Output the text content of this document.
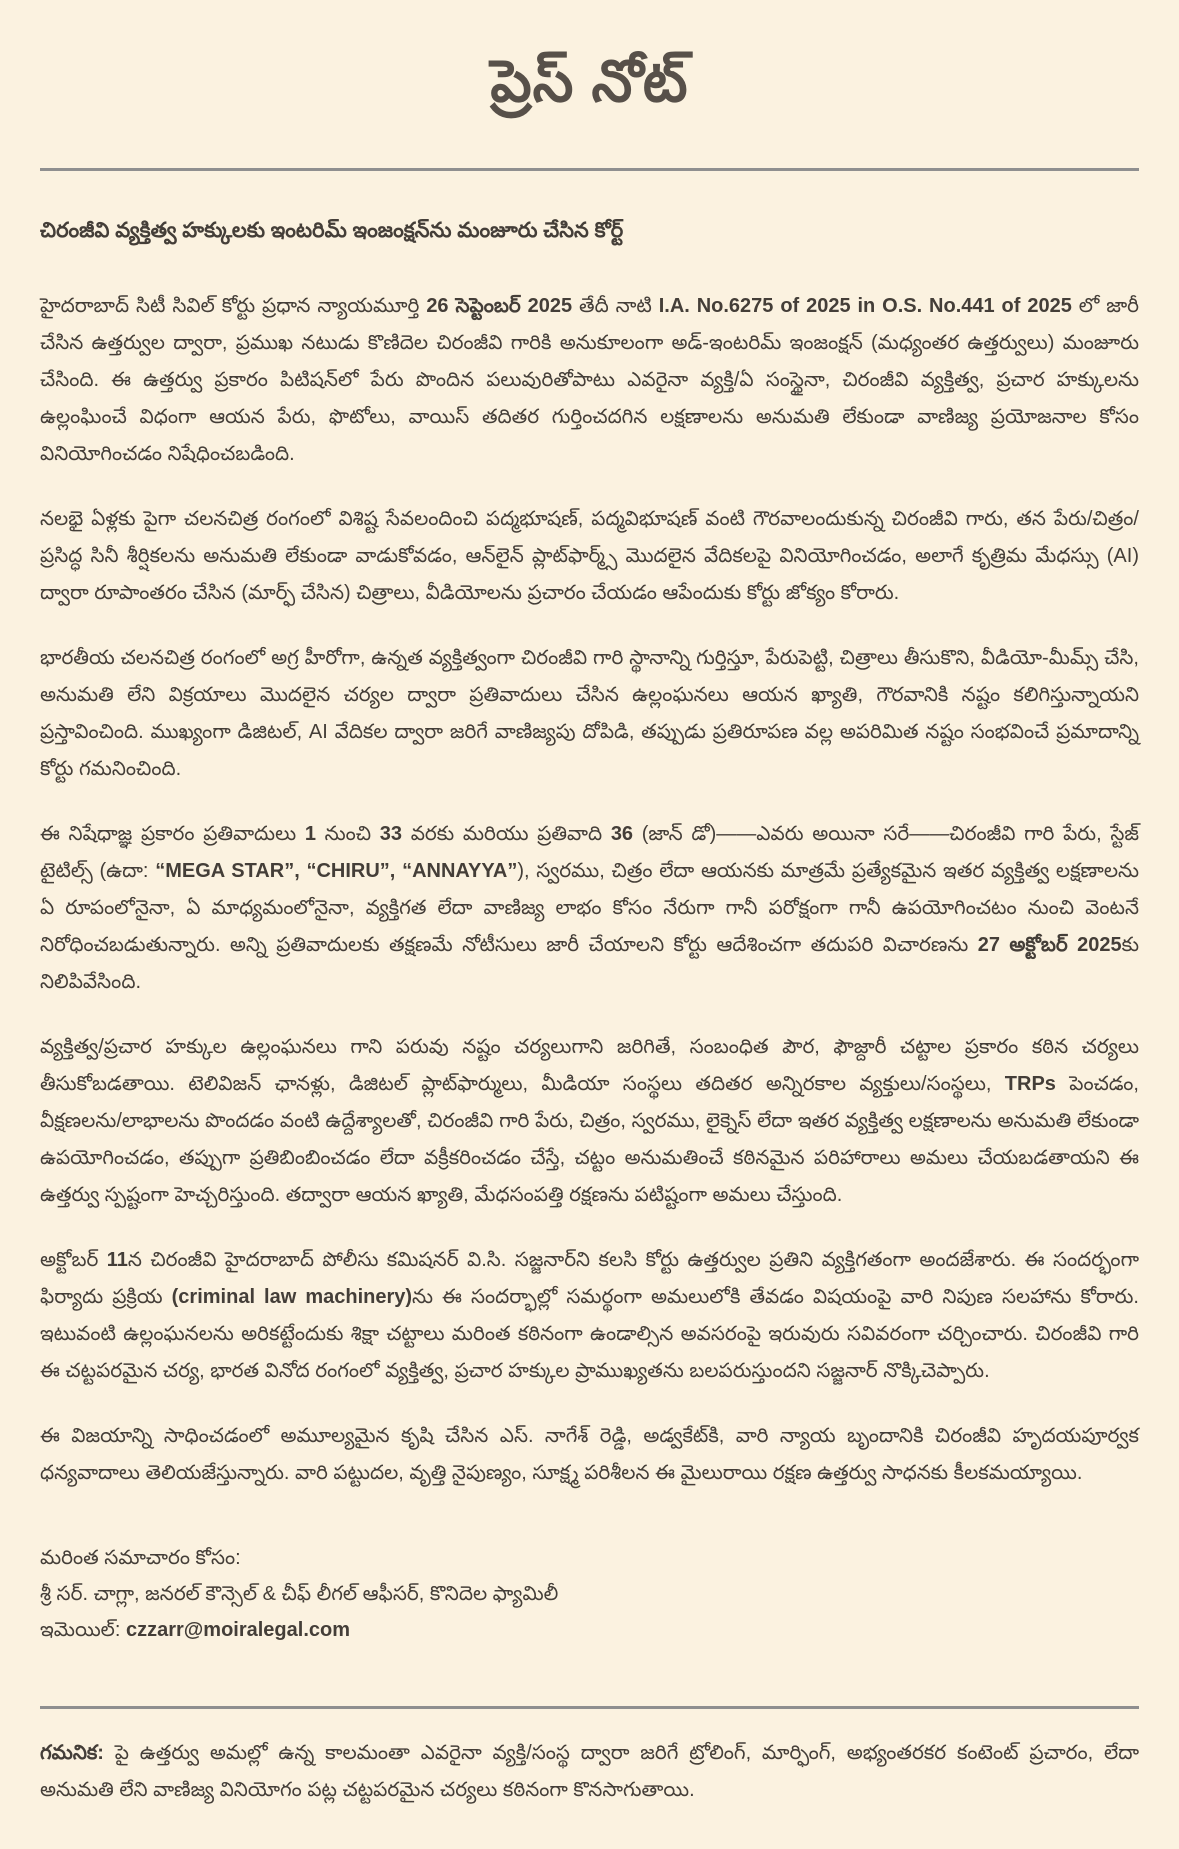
ప్రెస్ నోట్
చిరంజీవి వ్యక్తిత్వ హక్కులకు ఇంటరిమ్ ఇంజంక్షన్‌ను మంజూరు చేసిన కోర్ట్

హైదరాబాద్ సిటీ సివిల్ కోర్టు ప్రధాన న్యాయమూర్తి 26 సెప్టెంబర్ 2025 తేదీ నాటి I.A. No.6275 of 2025 in O.S. No.441 of 2025 లో జారీ చేసిన ఉత్తర్వుల ద్వారా, ప్రముఖ నటుడు కొణిదెల చిరంజీవి గారికి అనుకూలంగా అడ్-ఇంటరిమ్ ఇంజంక్షన్ (మధ్యంతర ఉత్తర్వులు) మంజూరు చేసింది. ఈ ఉత్తర్వు ప్రకారం పిటిషన్‌లో పేరు పొందిన పలువురితోపాటు ఎవరైనా వ్యక్తి/ఏ సంస్థైనా, చిరంజీవి వ్యక్తిత్వ, ప్రచార హక్కులను ఉల్లంఘించే విధంగా ఆయన పేరు, ఫొటోలు, వాయిస్ తదితర గుర్తించదగిన లక్షణాలను అనుమతి లేకుండా వాణిజ్య ప్రయోజనాల కోసం వినియోగించడం నిషేధించబడింది.

నలభై ఏళ్లకు పైగా చలనచిత్ర రంగంలో విశిష్ట సేవలందించి పద్మభూషణ్, పద్మవిభూషణ్ వంటి గౌరవాలందుకున్న చిరంజీవి గారు, తన పేరు/చిత్రం/ప్రసిద్ధ సినీ శీర్షికలను అనుమతి లేకుండా వాడుకోవడం, ఆన్‌లైన్ ప్లాట్‌ఫార్మ్స్ మొదలైన వేదికలపై వినియోగించడం, అలాగే కృత్రిమ మేధస్సు (AI) ద్వారా రూపాంతరం చేసిన (మార్ఫ్ చేసిన) చిత్రాలు, వీడియోలను ప్రచారం చేయడం ఆపేందుకు కోర్టు జోక్యం కోరారు.

భారతీయ చలనచిత్ర రంగంలో అగ్ర హీరోగా, ఉన్నత వ్యక్తిత్వంగా చిరంజీవి గారి స్థానాన్ని గుర్తిస్తూ, పేరుపెట్టి, చిత్రాలు తీసుకొని, వీడియో-మీమ్స్ చేసి, అనుమతి లేని విక్రయాలు మొదలైన చర్యల ద్వారా ప్రతివాదులు చేసిన ఉల్లంఘనలు ఆయన ఖ్యాతి, గౌరవానికి నష్టం కలిగిస్తున్నాయని ప్రస్తావించింది. ముఖ్యంగా డిజిటల్, AI వేదికల ద్వారా జరిగే వాణిజ్యపు దోపిడి, తప్పుడు ప్రతిరూపణ వల్ల అపరిమిత నష్టం సంభవించే ప్రమాదాన్ని కోర్టు గమనించింది.

ఈ నిషేధాజ్ఞ ప్రకారం ప్రతివాదులు 1 నుంచి 33 వరకు మరియు ప్రతివాది 36 (జాన్ డో)——ఎవరు అయినా సరే——చిరంజీవి గారి పేరు, స్టేజ్ టైటిల్స్ (ఉదా: “MEGA STAR”, “CHIRU”, “ANNAYYA”), స్వరము, చిత్రం లేదా ఆయనకు మాత్రమే ప్రత్యేకమైన ఇతర వ్యక్తిత్వ లక్షణాలను ఏ రూపంలోనైనా, ఏ మాధ్యమంలోనైనా, వ్యక్తిగత లేదా వాణిజ్య లాభం కోసం నేరుగా గానీ పరోక్షంగా గానీ ఉపయోగించటం నుంచి వెంటనే నిరోధించబడుతున్నారు. అన్ని ప్రతివాదులకు తక్షణమే నోటీసులు జారీ చేయాలని కోర్టు ఆదేశించగా తదుపరి విచారణను 27 అక్టోబర్ 2025కు నిలిపివేసింది.

వ్యక్తిత్వ/ప్రచార హక్కుల ఉల్లంఘనలు గాని పరువు నష్టం చర్యలుగాని జరిగితే, సంబంధిత పౌర, ఫౌజ్దారీ చట్టాల ప్రకారం కఠిన చర్యలు తీసుకోబడతాయి. టెలివిజన్ ఛానళ్లు, డిజిటల్ ప్లాట్‌ఫార్ములు, మీడియా సంస్థలు తదితర అన్నిరకాల వ్యక్తులు/సంస్థలు, TRPs పెంచడం, వీక్షణలను/లాభాలను పొందడం వంటి ఉద్దేశ్యాలతో, చిరంజీవి గారి పేరు, చిత్రం, స్వరము, లైక్నెస్ లేదా ఇతర వ్యక్తిత్వ లక్షణాలను అనుమతి లేకుండా ఉపయోగించడం, తప్పుగా ప్రతిబింబించడం లేదా వక్రీకరించడం చేస్తే, చట్టం అనుమతించే కఠినమైన పరిహారాలు అమలు చేయబడతాయని ఈ ఉత్తర్వు స్పష్టంగా హెచ్చరిస్తుంది. తద్వారా ఆయన ఖ్యాతి, మేధసంపత్తి రక్షణను పటిష్టంగా అమలు చేస్తుంది.

అక్టోబర్ 11న చిరంజీవి హైదరాబాద్ పోలీసు కమిషనర్ వి.సి. సజ్జనార్‌ని కలసి కోర్టు ఉత్తర్వుల ప్రతిని వ్యక్తిగతంగా అందజేశారు. ఈ సందర్భంగా ఫిర్యాదు ప్రక్రియ (criminal law machinery)ను ఈ సందర్భాల్లో సమర్థంగా అమలులోకి తేవడం విషయంపై వారి నిపుణ సలహాను కోరారు. ఇటువంటి ఉల్లంఘనలను అరికట్టేందుకు శిక్షా చట్టాలు మరింత కఠినంగా ఉండాల్సిన అవసరంపై ఇరువురు సవివరంగా చర్చించారు. చిరంజీవి గారి ఈ చట్టపరమైన చర్య, భారత వినోద రంగంలో వ్యక్తిత్వ, ప్రచార హక్కుల ప్రాముఖ్యతను బలపరుస్తుందని సజ్జనార్ నొక్కిచెప్పారు.

ఈ విజయాన్ని సాధించడంలో అమూల్యమైన కృషి చేసిన ఎస్. నాగేశ్ రెడ్డి, అడ్వకేట్‌కి, వారి న్యాయ బృందానికి చిరంజీవి హృదయపూర్వక ధన్యవాదాలు తెలియజేస్తున్నారు. వారి పట్టుదల, వృత్తి నైపుణ్యం, సూక్ష్మ పరిశీలన ఈ మైలురాయి రక్షణ ఉత్తర్వు సాధనకు కీలకమయ్యాయి.

మరింత సమాచారం కోసం:

శ్రీ సర్. చాగ్లా, జనరల్ కౌన్సెల్ & చీఫ్ లీగల్ ఆఫీసర్, కొనిదెల ఫ్యామిలీ

ఇమెయిల్: czzarr@moiralegal.com

గమనిక: పై ఉత్తర్వు అమల్లో ఉన్న కాలమంతా ఎవరైనా వ్యక్తి/సంస్థ ద్వారా జరిగే ట్రోలింగ్, మార్ఫింగ్, అభ్యంతరకర కంటెంట్ ప్రచారం, లేదా అనుమతి లేని వాణిజ్య వినియోగం పట్ల చట్టపరమైన చర్యలు కఠినంగా కొనసాగుతాయి.
